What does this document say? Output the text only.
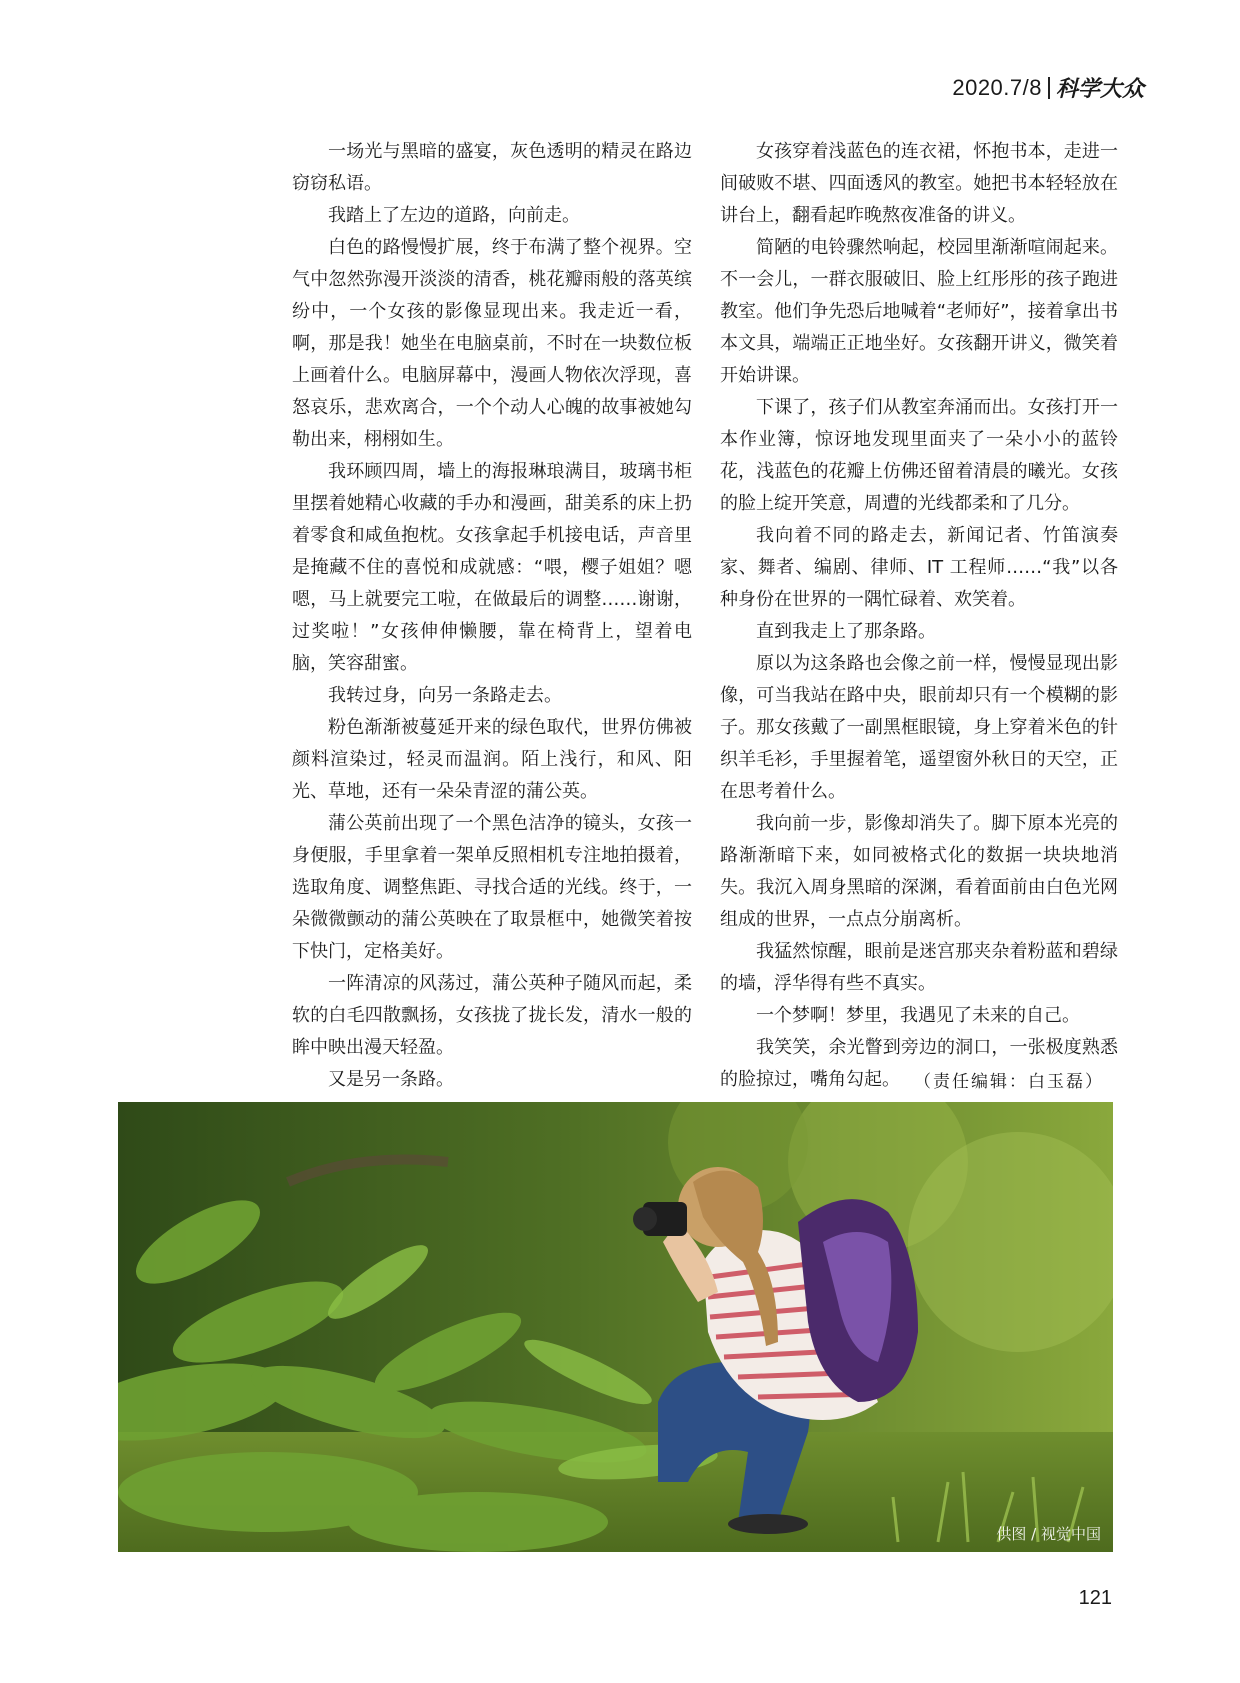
2020.7/8 科学大众

一场光与黑暗的盛宴，灰色透明的精灵在路边窃窃私语。

我踏上了左边的道路，向前走。

白色的路慢慢扩展，终于布满了整个视界。空气中忽然弥漫开淡淡的清香，桃花瓣雨般的落英缤纷中，一个女孩的影像显现出来。我走近一看，啊，那是我！她坐在电脑桌前，不时在一块数位板上画着什么。电脑屏幕中，漫画人物依次浮现，喜怒哀乐，悲欢离合，一个个动人心魄的故事被她勾勒出来，栩栩如生。

我环顾四周，墙上的海报琳琅满目，玻璃书柜里摆着她精心收藏的手办和漫画，甜美系的床上扔着零食和咸鱼抱枕。女孩拿起手机接电话，声音里是掩藏不住的喜悦和成就感：“喂，樱子姐姐？嗯嗯，马上就要完工啦，在做最后的调整……谢谢，过奖啦！”女孩伸伸懒腰，靠在椅背上，望着电脑，笑容甜蜜。

我转过身，向另一条路走去。

粉色渐渐被蔓延开来的绿色取代，世界仿佛被颜料渲染过，轻灵而温润。陌上浅行，和风、阳光、草地，还有一朵朵青涩的蒲公英。

蒲公英前出现了一个黑色洁净的镜头，女孩一身便服，手里拿着一架单反照相机专注地拍摄着，选取角度、调整焦距、寻找合适的光线。终于，一朵微微颤动的蒲公英映在了取景框中，她微笑着按下快门，定格美好。

一阵清凉的风荡过，蒲公英种子随风而起，柔软的白毛四散飘扬，女孩拢了拢长发，清水一般的眸中映出漫天轻盈。

又是另一条路。

女孩穿着浅蓝色的连衣裙，怀抱书本，走进一间破败不堪、四面透风的教室。她把书本轻轻放在讲台上，翻看起昨晚熬夜准备的讲义。

简陋的电铃骤然响起，校园里渐渐喧闹起来。不一会儿，一群衣服破旧、脸上红彤彤的孩子跑进教室。他们争先恐后地喊着“老师好”，接着拿出书本文具，端端正正地坐好。女孩翻开讲义，微笑着开始讲课。

下课了，孩子们从教室奔涌而出。女孩打开一本作业簿，惊讶地发现里面夹了一朵小小的蓝铃花，浅蓝色的花瓣上仿佛还留着清晨的曦光。女孩的脸上绽开笑意，周遭的光线都柔和了几分。

我向着不同的路走去，新闻记者、竹笛演奏家、舞者、编剧、律师、IT 工程师……“我”以各种身份在世界的一隅忙碌着、欢笑着。

直到我走上了那条路。

原以为这条路也会像之前一样，慢慢显现出影像，可当我站在路中央，眼前却只有一个模糊的影子。那女孩戴了一副黑框眼镜，身上穿着米色的针织羊毛衫，手里握着笔，遥望窗外秋日的天空，正在思考着什么。

我向前一步，影像却消失了。脚下原本光亮的路渐渐暗下来，如同被格式化的数据一块块地消失。我沉入周身黑暗的深渊，看着面前由白色光网组成的世界，一点点分崩离析。

我猛然惊醒，眼前是迷宫那夹杂着粉蓝和碧绿的墙，浮华得有些不真实。

一个梦啊！梦里，我遇见了未来的自己。

我笑笑，余光瞥到旁边的洞口，一张极度熟悉的脸掠过，嘴角勾起。 （责任编辑：白玉磊）
供图 / 视觉中国
121
